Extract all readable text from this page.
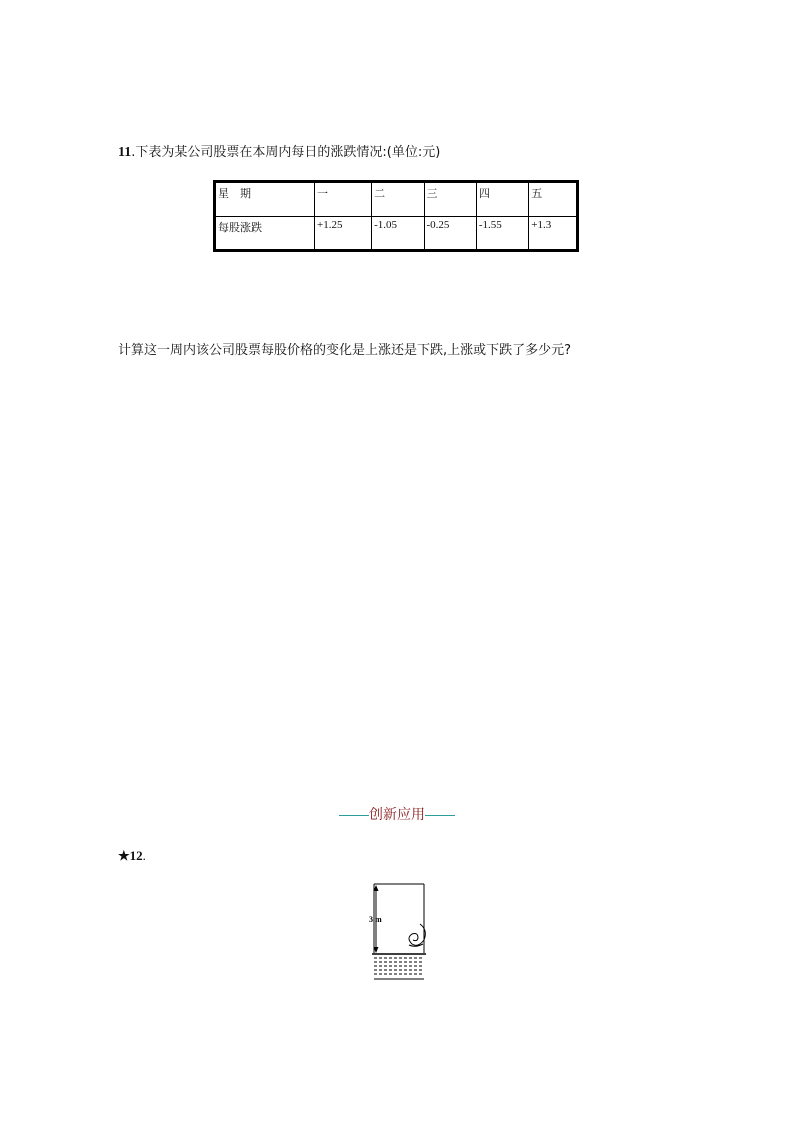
11.下表为某公司股票在本周内每日的涨跌情况:(单位:元)
星　期	一	二	三	四	五
每股涨跌	+1.25	-1.05	-0.25	-1.55	+1.3
计算这一周内该公司股票每股价格的变化是上涨还是下跌,上涨或下跌了多少元?
创新应用
★12.
3 m
